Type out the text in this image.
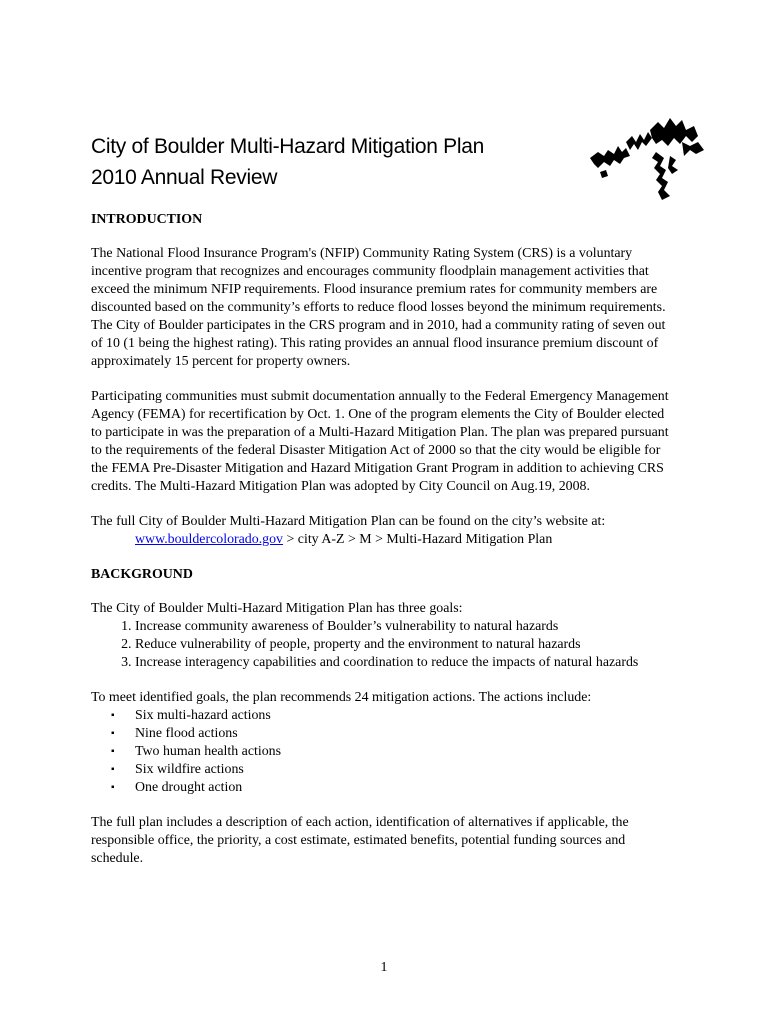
City of Boulder Multi-Hazard Mitigation Plan
2010 Annual Review

INTRODUCTION

The National Flood Insurance Program's (NFIP) Community Rating System (CRS) is a voluntary incentive program that recognizes and encourages community floodplain management activities that exceed the minimum NFIP requirements. Flood insurance premium rates for community members are discounted based on the community’s efforts to reduce flood losses beyond the minimum requirements. The City of Boulder participates in the CRS program and in 2010, had a community rating of seven out of 10 (1 being the highest rating). This rating provides an annual flood insurance premium discount of approximately 15 percent for property owners.

Participating communities must submit documentation annually to the Federal Emergency Management Agency (FEMA) for recertification by Oct. 1. One of the program elements the City of Boulder elected to participate in was the preparation of a Multi-Hazard Mitigation Plan. The plan was prepared pursuant to the requirements of the federal Disaster Mitigation Act of 2000 so that the city would be eligible for the FEMA Pre-Disaster Mitigation and Hazard Mitigation Grant Program in addition to achieving CRS credits. The Multi-Hazard Mitigation Plan was adopted by City Council on Aug.19, 2008.

The full City of Boulder Multi-Hazard Mitigation Plan can be found on the city’s website at:

www.bouldercolorado.gov > city A-Z > M > Multi-Hazard Mitigation Plan

BACKGROUND

The City of Boulder Multi-Hazard Mitigation Plan has three goals:

1. Increase community awareness of Boulder’s vulnerability to natural hazards
2. Reduce vulnerability of people, property and the environment to natural hazards
3. Increase interagency capabilities and coordination to reduce the impacts of natural hazards

To meet identified goals, the plan recommends 24 mitigation actions. The actions include:

▪ Six multi-hazard actions
▪ Nine flood actions
▪ Two human health actions
▪ Six wildfire actions
▪ One drought action

The full plan includes a description of each action, identification of alternatives if applicable, the responsible office, the priority, a cost estimate, estimated benefits, potential funding sources and schedule.

1
